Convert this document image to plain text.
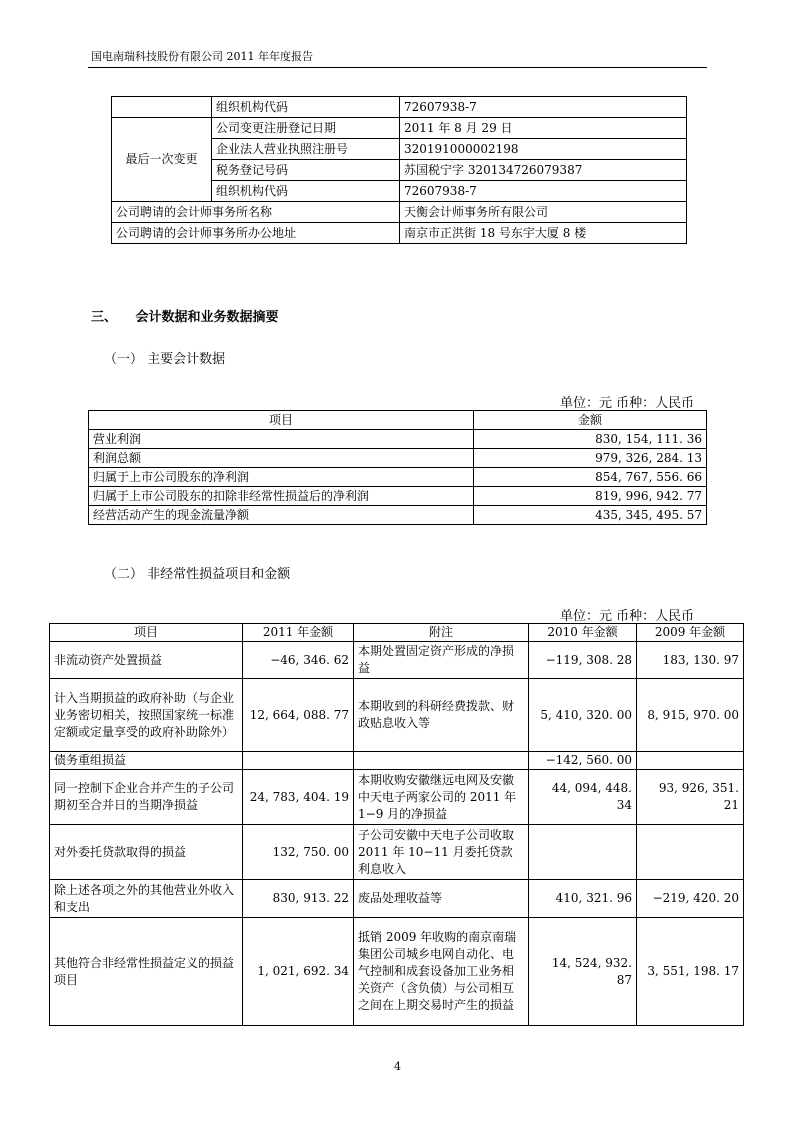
国电南瑞科技股份有限公司 2011 年年度报告
	组织机构代码	72607938-7
最后一次变更	公司变更注册登记日期	2011 年 8 月 29 日
	企业法人营业执照注册号	320191000002198
	税务登记号码	苏国税宁字 320134726079387
	组织机构代码	72607938-7
公司聘请的会计师事务所名称		天衡会计师事务所有限公司
公司聘请的会计师事务所办公地址		南京市正洪街 18 号东宇大厦 8 楼
三、 会计数据和业务数据摘要
（一） 主要会计数据
单位：元 币种：人民币
项目	金额
营业利润	830, 154, 111. 36
利润总额	979, 326, 284. 13
归属于上市公司股东的净利润	854, 767, 556. 66
归属于上市公司股东的扣除非经常性损益后的净利润	819, 996, 942. 77
经营活动产生的现金流量净额	435, 345, 495. 57
（二） 非经常性损益项目和金额
单位：元 币种：人民币
项目	2011 年金额	附注	2010 年金额	2009 年金额
非流动资产处置损益	−46, 346. 62	本期处置固定资产形成的净损益	−119, 308. 28	183, 130. 97
计入当期损益的政府补助（与企业业务密切相关，按照国家统一标准定额或定量享受的政府补助除外）	12, 664, 088. 77	本期收到的科研经费拨款、财政贴息收入等	5, 410, 320. 00	8, 915, 970. 00
债务重组损益			−142, 560. 00	
同一控制下企业合并产生的子公司期初至合并日的当期净损益	24, 783, 404. 19	本期收购安徽继远电网及安徽中天电子两家公司的 2011 年 1−9 月的净损益	44, 094, 448. 34	93, 926, 351. 21
对外委托贷款取得的损益	132, 750. 00	子公司安徽中天电子公司收取 2011 年 10−11 月委托贷款利息收入		
除上述各项之外的其他营业外收入和支出	830, 913. 22	废品处理收益等	410, 321. 96	−219, 420. 20
其他符合非经常性损益定义的损益项目	1, 021, 692. 34	抵销 2009 年收购的南京南瑞集团公司城乡电网自动化、电气控制和成套设备加工业务相关资产（含负债）与公司相互之间在上期交易时产生的损益	14, 524, 932. 87	3, 551, 198. 17
4
